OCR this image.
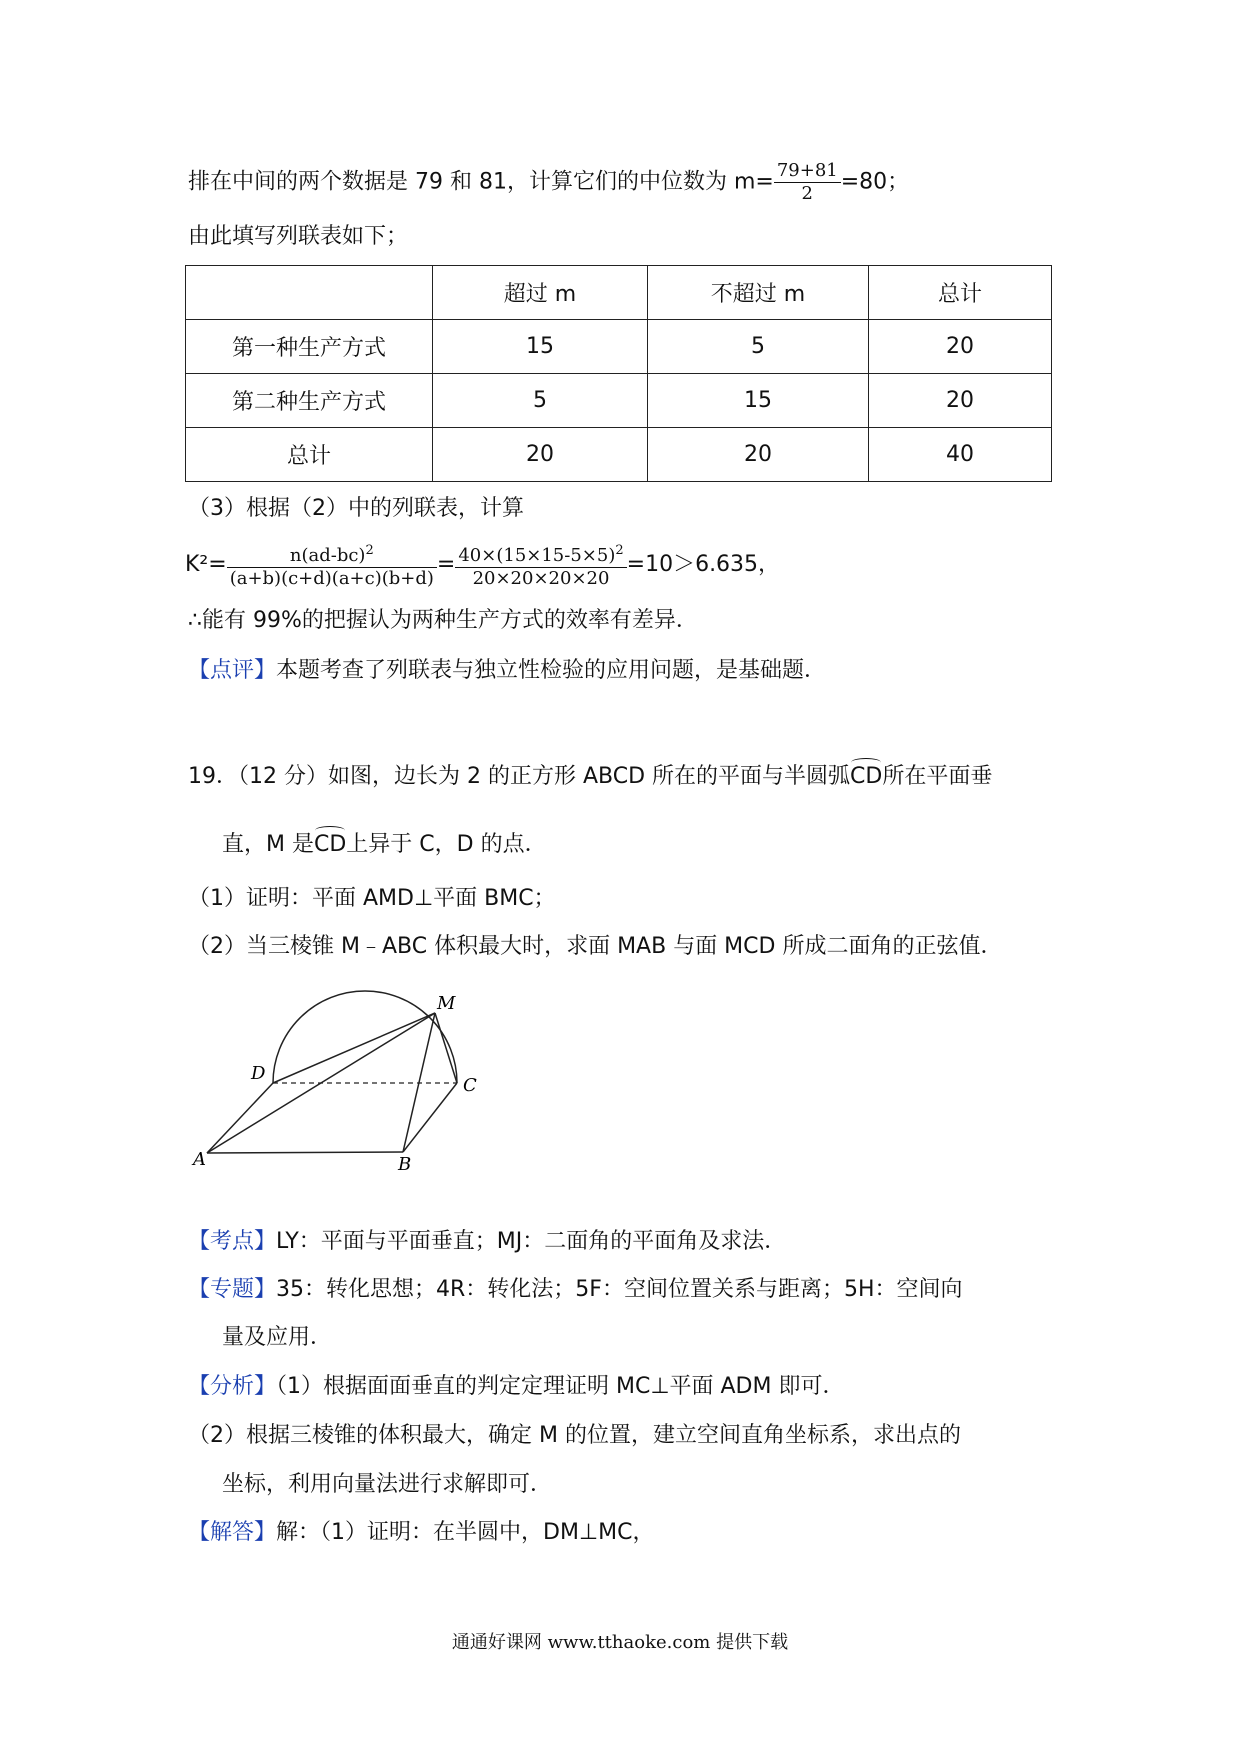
排在中间的两个数据是 79 和 81，计算它们的中位数为 $m= \frac{79+81}{2} =80$；
由此填写列联表如下；
	超过 m	不超过 m	总计
第一种生产方式	15	5	20
第二种生产方式	5	15	20
总计	20	20	40
（3）根据（2）中的列联表，计算
$K^2= \frac{n(ad-bc)^2}{(a+b)(c+d)(a+c)(b+d)} = \frac{40\times(15\times 15-5\times 5)^2}{20\times 20\times 20\times 20} =10>6.635$，
∴能有 99%的把握认为两种生产方式的效率有差异．
【点评】本题考查了列联表与独立性检验的应用问题，是基础题．
19．（12 分）如图，边长为 2 的正方形 ABCD 所在的平面与半圆弧CD所在平面垂
直，M 是CD上异于 C，D 的点．
（1）证明：平面 AMD⊥平面 BMC；
（2）当三棱锥 M﹣ABC 体积最大时，求面 MAB 与面 MCD 所成二面角的正弦值．
A	B
C
D
M
【考点】LY：平面与平面垂直；MJ：二面角的平面角及求法．
【专题】35：转化思想；4R：转化法；5F：空间位置关系与距离；5H：空间向
量及应用．
【分析】（1）根据面面垂直的判定定理证明 MC⊥平面 ADM 即可．
（2）根据三棱锥的体积最大，确定 M 的位置，建立空间直角坐标系，求出点的
坐标，利用向量法进行求解即可．
【解答】解：（1）证明：在半圆中，DM⊥MC，
通通好课网 www.tthaoke.com 提供下载
